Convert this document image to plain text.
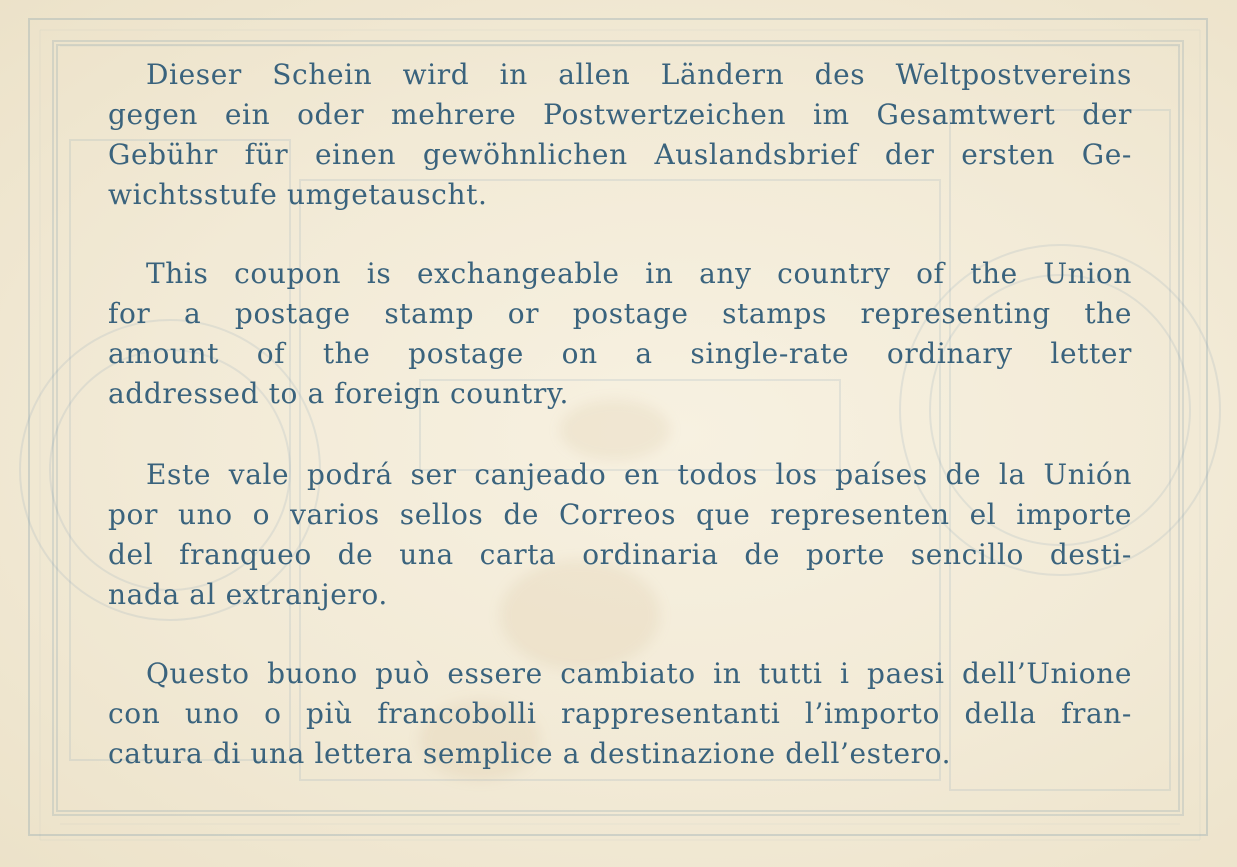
Dieser Schein wird in allen Ländern des Weltpostvereins
gegen ein oder mehrere Postwertzeichen im Gesamtwert der
Gebühr für einen gewöhnlichen Auslandsbrief der ersten Ge-
wichtsstufe umgetauscht.

This coupon is exchangeable in any country of the Union
for a postage stamp or postage stamps representing the
amount of the postage on a single-rate ordinary letter
addressed to a foreign country.

Este vale podrá ser canjeado en todos los países de la Unión
por uno o varios sellos de Correos que representen el importe
del franqueo de una carta ordinaria de porte sencillo desti-
nada al extranjero.

Questo buono può essere cambiato in tutti i paesi dell’Unione
con uno o più francobolli rappresentanti l’importo della fran-
catura di una lettera semplice a destinazione dell’estero.
